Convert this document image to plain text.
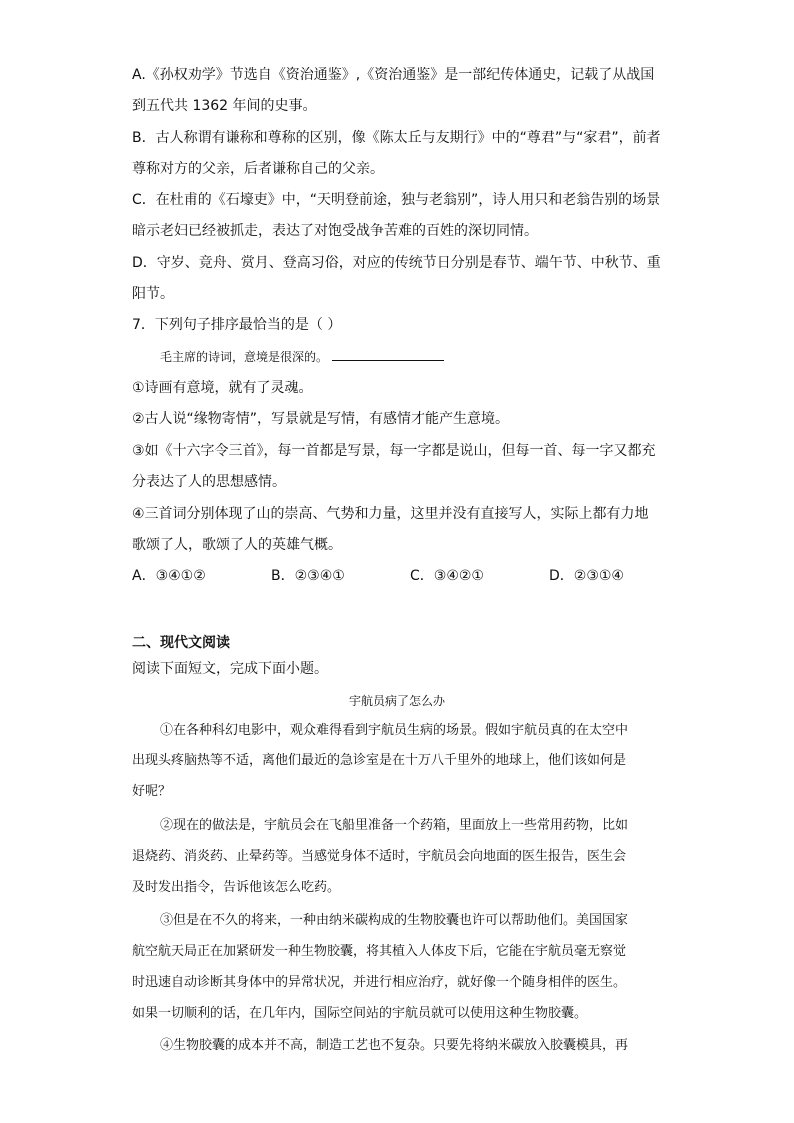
A.《孙权劝学》节选自《资治通鉴》,《资治通鉴》是一部纪传体通史，记载了从战国
到五代共 1362 年间的史事。
B．古人称谓有谦称和尊称的区别，像《陈太丘与友期行》中的“尊君”与“家君”，前者
尊称对方的父亲，后者谦称自己的父亲。
C．在杜甫的《石壕吏》中，“天明登前途，独与老翁别”，诗人用只和老翁告别的场景
暗示老妇已经被抓走，表达了对饱受战争苦难的百姓的深切同情。
D．守岁、竞舟、赏月、登高习俗，对应的传统节日分别是春节、端午节、中秋节、重
阳节。
7．下列句子排序最恰当的是（ ）
毛主席的诗词，意境是很深的。
①诗画有意境，就有了灵魂。
②古人说“缘物寄情”，写景就是写情，有感情才能产生意境。
③如《十六字令三首》，每一首都是写景，每一字都是说山，但每一首、每一字又都充
分表达了人的思想感情。
④三首词分别体现了山的崇高、气势和力量，这里并没有直接写人，实际上都有力地
歌颂了人，歌颂了人的英雄气概。
A．③④①②	B．②③④①	C．③④②①	D．②③①④
二、现代文阅读
阅读下面短文，完成下面小题。
宇航员病了怎么办
①在各种科幻电影中，观众难得看到宇航员生病的场景。假如宇航员真的在太空中
出现头疼脑热等不适，离他们最近的急诊室是在十万八千里外的地球上，他们该如何是
好呢？
②现在的做法是，宇航员会在飞船里准备一个药箱，里面放上一些常用药物，比如
退烧药、消炎药、止晕药等。当感觉身体不适时，宇航员会向地面的医生报告，医生会
及时发出指令，告诉他该怎么吃药。
③但是在不久的将来，一种由纳米碳构成的生物胶囊也许可以帮助他们。美国国家
航空航天局正在加紧研发一种生物胶囊，将其植入人体皮下后，它能在宇航员毫无察觉
时迅速自动诊断其身体中的异常状况，并进行相应治疗，就好像一个随身相伴的医生。
如果一切顺利的话，在几年内，国际空间站的宇航员就可以使用这种生物胶囊。
④生物胶囊的成本并不高，制造工艺也不复杂。只要先将纳米碳放入胶囊模具，再
